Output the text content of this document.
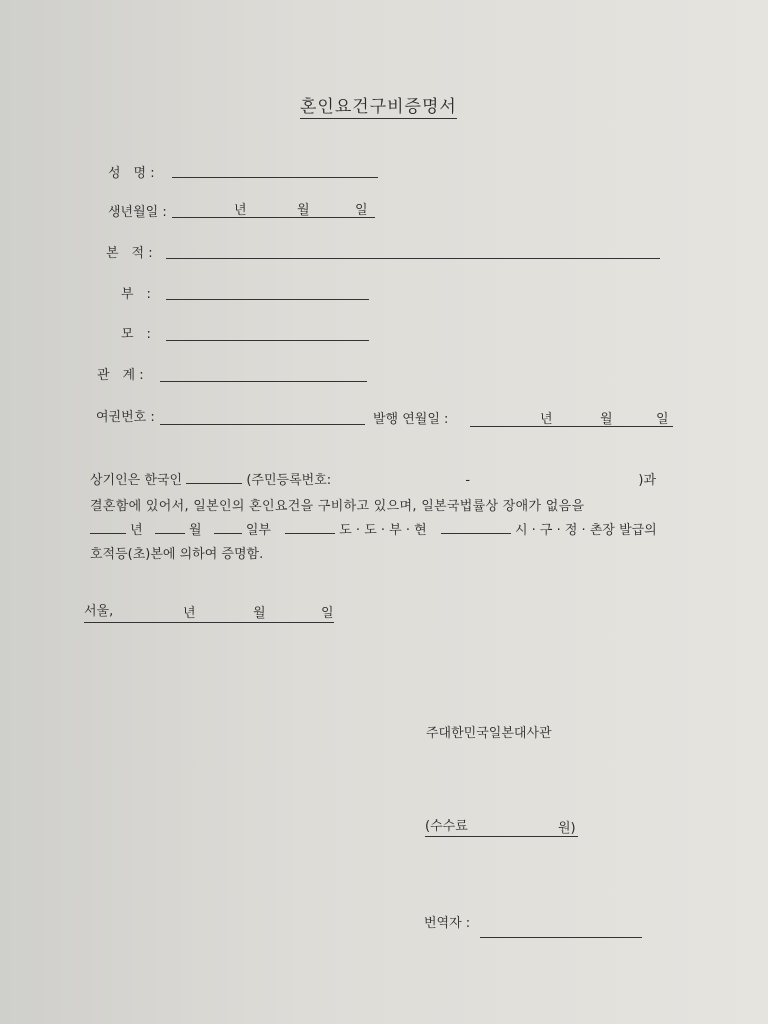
혼인요건구비증명서
성　명 :
생년월일 :	년	월	일
본　적 :
부　:
모　:
관　계 :
여권번호 :	발행 연월일 :	년	월	일
상기인은 한국인	(주민등록번호:	-	)과
결혼함에 있어서, 일본인의 혼인요건을 구비하고 있으며, 일본국법률상 장애가 없음을
년	월	일부	도 · 도 · 부 · 현	시 · 구 · 정 · 촌장 발급의
호적등(초)본에 의하여 증명함.
서울,	년	월	일
주대한민국일본대사관
(수수료	원)
번역자 :
